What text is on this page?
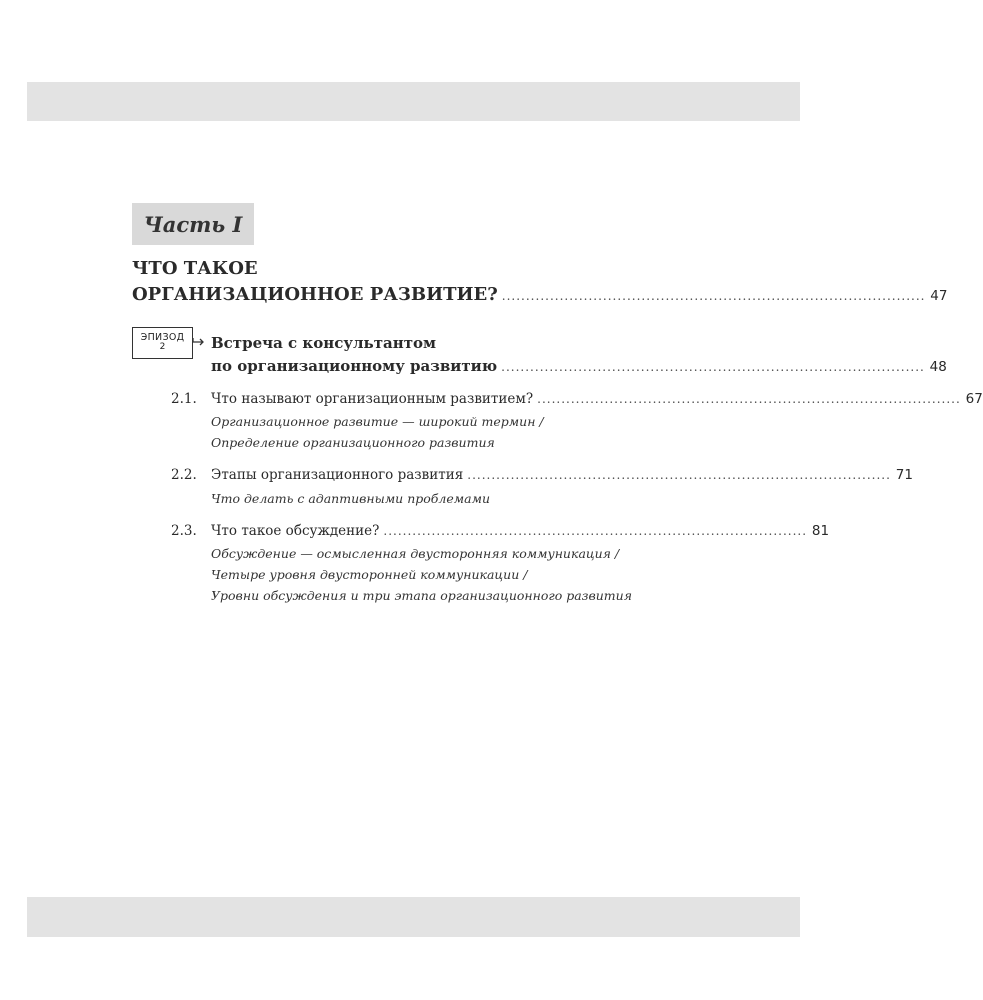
Часть I
ЧТО ТАКОЕ
ОРГАНИЗАЦИОННОЕ РАЗВИТИЕ? ........................................................................................ 47
ЭПИЗОД
2	Встреча с консультантом
по организационному развитию ........................................................................................ 48
2.1. Что называют организационным развитием? ........................................................................................ 67
Организационное развитие — широкий термин /
Определение организационного развития
2.2. Этапы организационного развития ........................................................................................ 71
Что делать с адаптивными проблемами
2.3. Что такое обсуждение? ........................................................................................ 81
Обсуждение — осмысленная двусторонняя коммуникация /
Четыре уровня двусторонней коммуникации /
Уровни обсуждения и три этапа организационного развития
